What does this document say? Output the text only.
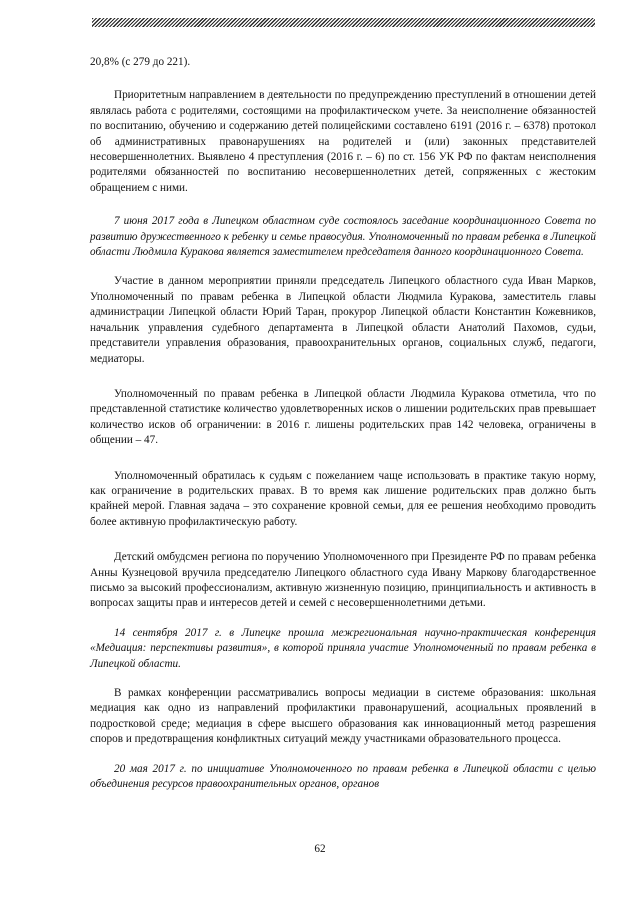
20,8% (с 279 до 221).

Приоритетным направлением в деятельности по предупреждению преступлений в отношении детей являлась работа с родителями, состоящими на профилактическом учете. За неисполнение обязанностей по воспитанию, обучению и содержанию детей полицейскими составлено 6191 (2016 г. – 6378) протокол об административных правонарушениях на родителей и (или) законных представителей несовершеннолетних. Выявлено 4 преступления (2016 г. – 6) по ст. 156 УК РФ по фактам неисполнения родителями обязанностей по воспитанию несовершеннолетних детей, сопряженных с жестоким обращением с ними.

7 июня 2017 года в Липецком областном суде состоялось заседание координационного Совета по развитию дружественного к ребенку и семье правосудия. Уполномоченный по правам ребенка в Липецкой области Людмила Куракова является заместителем председателя данного координационного Совета.

Участие в данном мероприятии приняли председатель Липецкого областного суда Иван Марков, Уполномоченный по правам ребенка в Липецкой области Людмила Куракова, заместитель главы администрации Липецкой области Юрий Таран, прокурор Липецкой области Константин Кожевников, начальник управления судебного департамента в Липецкой области Анатолий Пахомов, судьи, представители управления образования, правоохранительных органов, социальных служб, педагоги, медиаторы.

Уполномоченный по правам ребенка в Липецкой области Людмила Куракова отметила, что по представленной статистике количество удовлетворенных исков о лишении родительских прав превышает количество исков об ограничении: в 2016 г. лишены родительских прав 142 человека, ограничены в общении – 47.

Уполномоченный обратилась к судьям с пожеланием чаще использовать в практике такую норму, как ограничение в родительских правах. В то время как лишение родительских прав должно быть крайней мерой. Главная задача – это сохранение кровной семьи, для ее решения необходимо проводить более активную профилактическую работу.

Детский омбудсмен региона по поручению Уполномоченного при Президенте РФ по правам ребенка Анны Кузнецовой вручила председателю Липецкого областного суда Ивану Маркову благодарственное письмо за высокий профессионализм, активную жизненную позицию, принципиальность и активность в вопросах защиты прав и интересов детей и семей с несовершеннолетними детьми.

14 сентября 2017 г. в Липецке прошла межрегиональная научно-практическая конференция «Медиация: перспективы развития», в которой приняла участие Уполномоченный по правам ребенка в Липецкой области.

В рамках конференции рассматривались вопросы медиации в системе образования: школьная медиация как одно из направлений профилактики правонарушений, асоциальных проявлений в подростковой среде; медиация в сфере высшего образования как инновационный метод разрешения споров и предотвращения конфликтных ситуаций между участниками образовательного процесса.

20 мая 2017 г. по инициативе Уполномоченного по правам ребенка в Липецкой области с целью объединения ресурсов правоохранительных органов, органов

62
